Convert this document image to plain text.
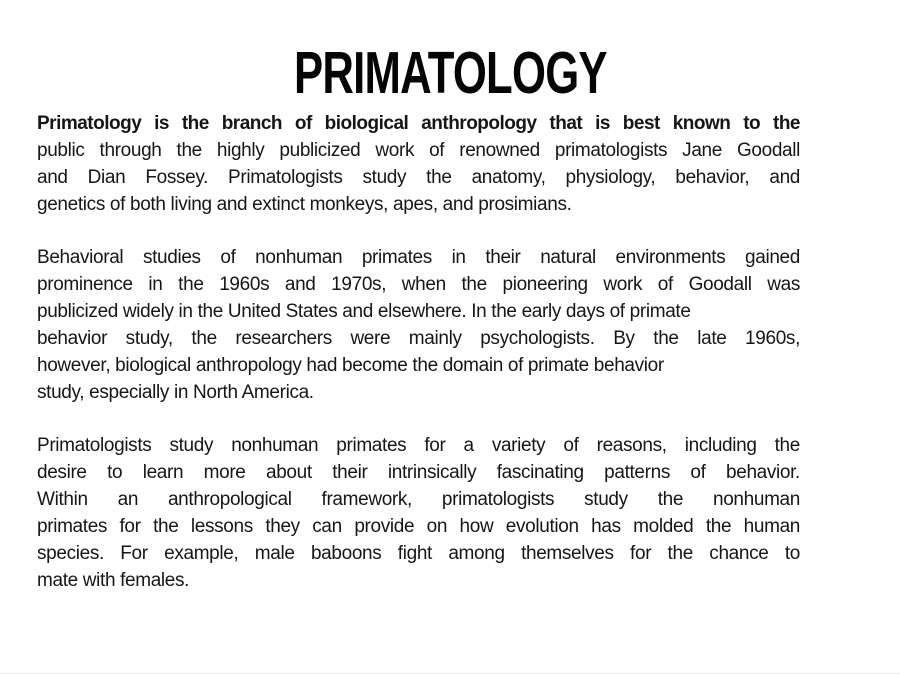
PRIMATOLOGY
Primatology is the branch of biological anthropology that is best known to the
public through the highly publicized work of renowned primatologists Jane Goodall
and Dian Fossey. Primatologists study the anatomy, physiology, behavior, and
genetics of both living and extinct monkeys, apes, and prosimians.
Behavioral studies of nonhuman primates in their natural environments gained
prominence in the 1960s and 1970s, when the pioneering work of Goodall was
publicized widely in the United States and elsewhere. In the early days of primate
behavior study, the researchers were mainly psychologists. By the late 1960s,
however, biological anthropology had become the domain of primate behavior
study, especially in North America.
Primatologists study nonhuman primates for a variety of reasons, including the
desire to learn more about their intrinsically fascinating patterns of behavior.
Within an anthropological framework, primatologists study the nonhuman
primates for the lessons they can provide on how evolution has molded the human
species. For example, male baboons fight among themselves for the chance to
mate with females.
